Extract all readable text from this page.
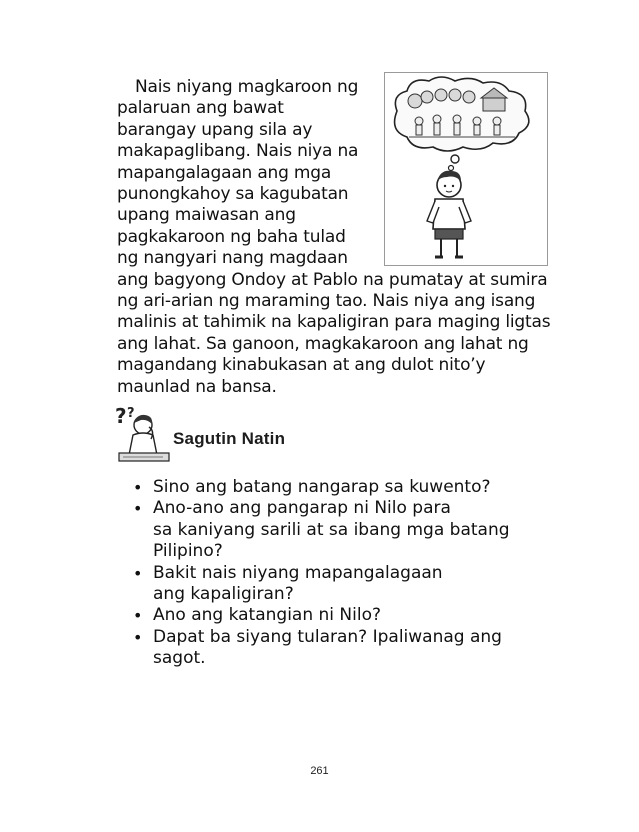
Nais niyang magkaroon ng
palaruan ang bawat
barangay upang sila ay
makapaglibang. Nais niya na
mapangalagaan ang mga
punongkahoy sa kagubatan
upang maiwasan ang
pagkakaroon ng baha tulad
ng nangyari nang magdaan
ang bagyong Ondoy at Pablo na pumatay at sumira
ng ari-arian ng maraming tao. Nais niya ang isang
malinis at tahimik na kapaligiran para maging ligtas
ang lahat. Sa ganoon, magkakaroon ang lahat ng
magandang kinabukasan at ang dulot nito’y
maunlad na bansa.
? ?
Sagutin Natin
• Sino ang batang nangarap sa kuwento?
• Ano-ano ang pangarap ni Nilo para
sa kaniyang sarili at sa ibang mga batang
Pilipino?
• Bakit nais niyang mapangalagaan
ang kapaligiran?
• Ano ang katangian ni Nilo?
• Dapat ba siyang tularan? Ipaliwanag ang
sagot.
261
